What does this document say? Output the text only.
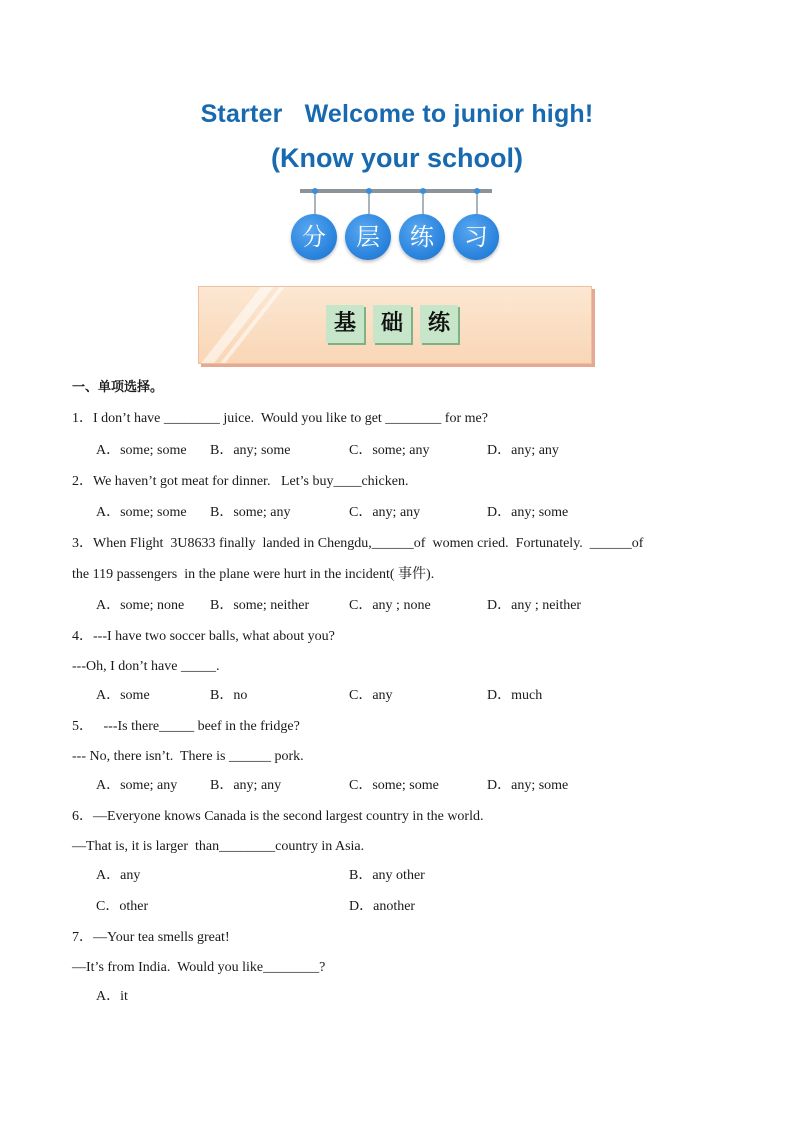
Starter Welcome to junior high!
(Know your school)
分	层	练	习
基	础	练
一、单项选择。
1．I don’t have ________ juice.  Would you like to get ________ for me?
A．some; some B．any; some	C．some; any	D．any; any
2．We haven’t got meat for dinner.   Let’s buy____chicken.
A．some; some B．some; any	C．any; any	D．any; some
3．When Flight  3U8633 finally  landed in Chengdu,______of  women cried.  Fortunately.  ______of
the 119 passengers  in the plane were hurt in the incident( 事件).
A．some; none B．some; neither	C．any ; none	D．any ; neither
4．---I have two soccer balls, what about you?
---Oh, I don’t have _____.
A．some	B．no	C．any	D．much
5．   ---Is there_____ beef in the fridge?
--- No, there isn’t.  There is ______ pork.
A．some; any B．any; any	C．some; some	D．any; some
6．—Everyone knows Canada is the second largest country in the world.
—That is, it is larger  than________country in Asia.
A．any	B．any other
C．other	D．another
7．—Your tea smells great!
—It’s from India.  Would you like________?
A．it
